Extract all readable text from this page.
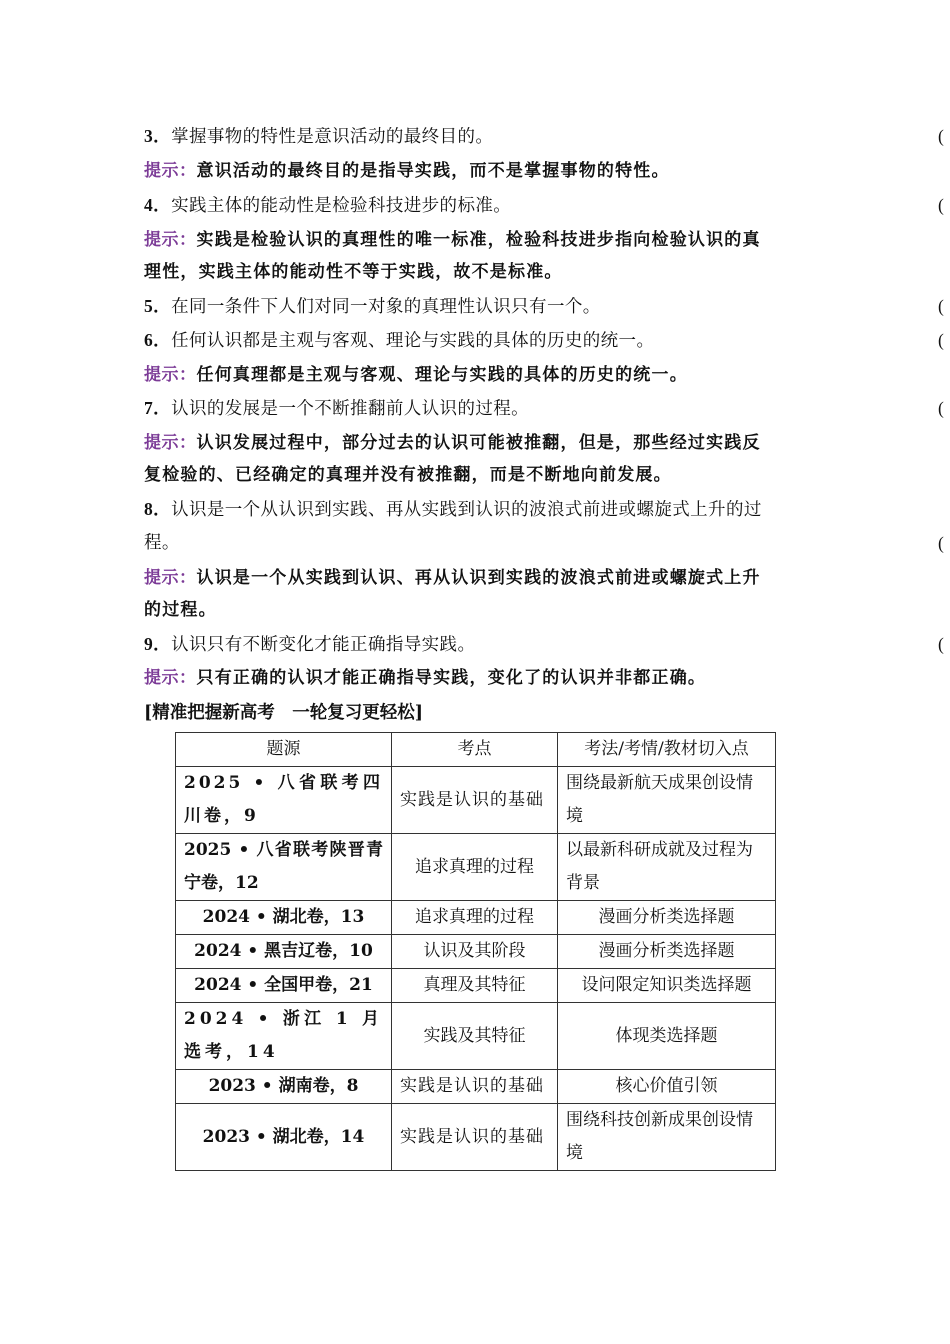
3．掌握事物的特性是意识活动的最终目的。	(
提示：意识活动的最终目的是指导实践，而不是掌握事物的特性。
4．实践主体的能动性是检验科技进步的标准。	(
提示：实践是检验认识的真理性的唯一标准，检验科技进步指向检验认识的真
理性，实践主体的能动性不等于实践，故不是标准。
5．在同一条件下人们对同一对象的真理性认识只有一个。	(
6．任何认识都是主观与客观、理论与实践的具体的历史的统一。	(
提示：任何真理都是主观与客观、理论与实践的具体的历史的统一。
7．认识的发展是一个不断推翻前人认识的过程。	(
提示：认识发展过程中，部分过去的认识可能被推翻，但是，那些经过实践反
复检验的、已经确定的真理并没有被推翻，而是不断地向前发展。
8．认识是一个从认识到实践、再从实践到认识的波浪式前进或螺旋式上升的过
程。	(
提示：认识是一个从实践到认识、再从认识到实践的波浪式前进或螺旋式上升
的过程。
9．认识只有不断变化才能正确指导实践。	(
提示：只有正确的认识才能正确指导实践，变化了的认识并非都正确。
[精准把握新高考　一轮复习更轻松]
题源	考点	考法/考情/教材切入点
2025 • 八省联考四川卷，9	实践是认识的基础	围绕最新航天成果创设情境
2025 • 八省联考陕晋青宁卷，12	追求真理的过程	以最新科研成就及过程为背景
2024 • 湖北卷，13	追求真理的过程	漫画分析类选择题
2024 • 黑吉辽卷，10	认识及其阶段	漫画分析类选择题
2024 • 全国甲卷，21	真理及其特征	设问限定知识类选择题
2024 • 浙江 1 月选考，14	实践及其特征	体现类选择题
2023 • 湖南卷，8	实践是认识的基础	核心价值引领
2023 • 湖北卷，14	实践是认识的基础	围绕科技创新成果创设情境
